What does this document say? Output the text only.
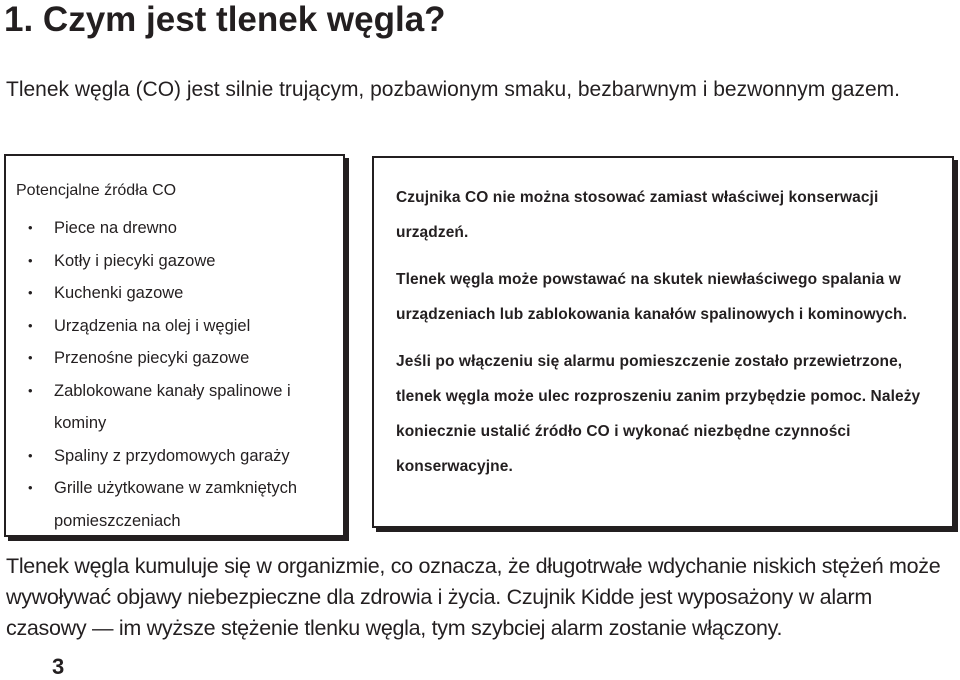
1. Czym jest tlenek węgla?

Tlenek węgla (CO) jest silnie trującym, pozbawionym smaku, bezbarwnym i bezwonnym gazem.

Potencjalne źródła CO

• Piece na drewno
• Kotły i piecyki gazowe
• Kuchenki gazowe
• Urządzenia na olej i węgiel
• Przenośne piecyki gazowe
• Zablokowane kanały spalinowe i kominy
• Spaliny z przydomowych garaży
• Grille użytkowane w zamkniętych pomieszczeniach

Czujnika CO nie można stosować zamiast właściwej konserwacji urządzeń.

Tlenek węgla może powstawać na skutek niewłaściwego spalania w urządzeniach lub zablokowania kanałów spalinowych i kominowych.

Jeśli po włączeniu się alarmu pomieszczenie zostało przewietrzone, tlenek węgla może ulec rozproszeniu zanim przybędzie pomoc. Należy koniecznie ustalić źródło CO i wykonać niezbędne czynności konserwacyjne.

Tlenek węgla kumuluje się w organizmie, co oznacza, że długotrwałe wdychanie niskich stężeń może wywoływać objawy niebezpieczne dla zdrowia i życia. Czujnik Kidde jest wyposażony w alarm czasowy — im wyższe stężenie tlenku węgla, tym szybciej alarm zostanie włączony.

3
